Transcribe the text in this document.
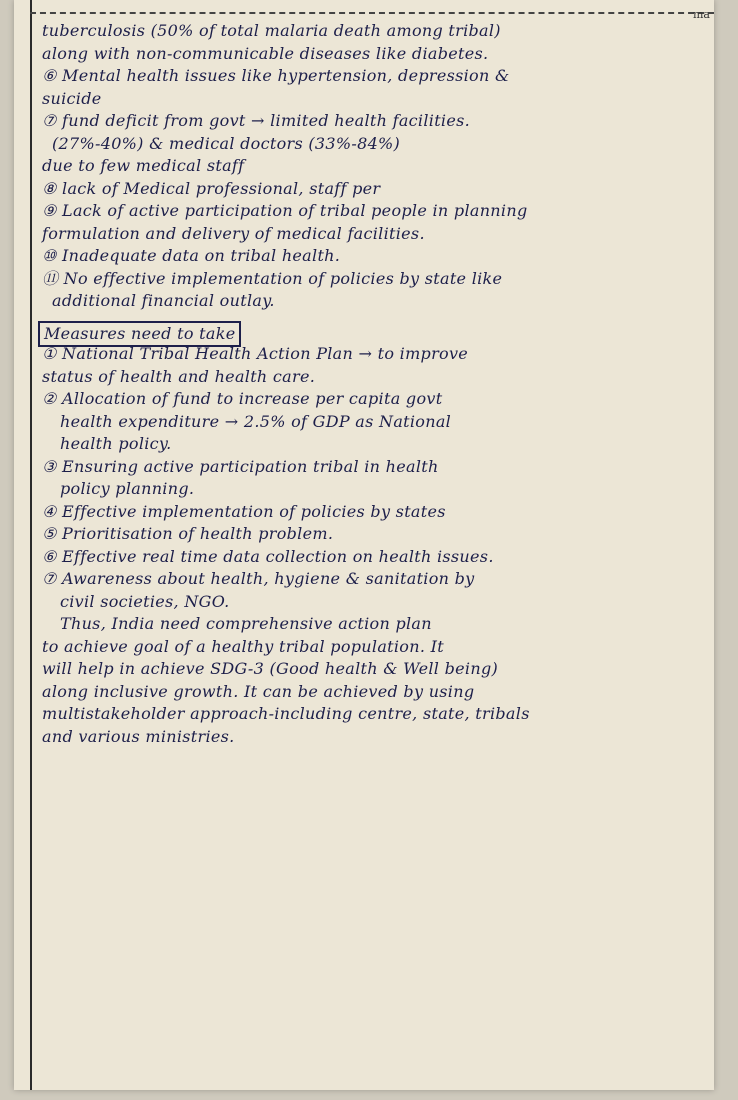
ma
tuberculosis (50% of total malaria death among tribal)
along with non-communicable diseases like diabetes.
⑥ Mental health issues like hypertension, depression &
suicide
⑦ fund deficit from govt → limited health facilities.
(27%-40%) & medical doctors (33%-84%)
due to few medical staff
⑧ lack of Medical professional, staff per
⑨ Lack of active participation of tribal people in planning
formulation and delivery of medical facilities.
⑩ Inadequate data on tribal health.
⑪ No effective implementation of policies by state like
additional financial outlay.
Measures need to take
① National Tribal Health Action Plan → to improve
status of health and health care.
② Allocation of fund to increase per capita govt
health expenditure → 2.5% of GDP as National
health policy.
③ Ensuring active participation tribal in health
policy planning.
④ Effective implementation of policies by states
⑤ Prioritisation of health problem.
⑥ Effective real time data collection on health issues.
⑦ Awareness about health, hygiene & sanitation by
civil societies, NGO.
Thus, India need comprehensive action plan
to achieve goal of a healthy tribal population. It
will help in achieve SDG-3 (Good health & Well being)
along inclusive growth. It can be achieved by using
multistakeholder approach-including centre, state, tribals
and various ministries.
